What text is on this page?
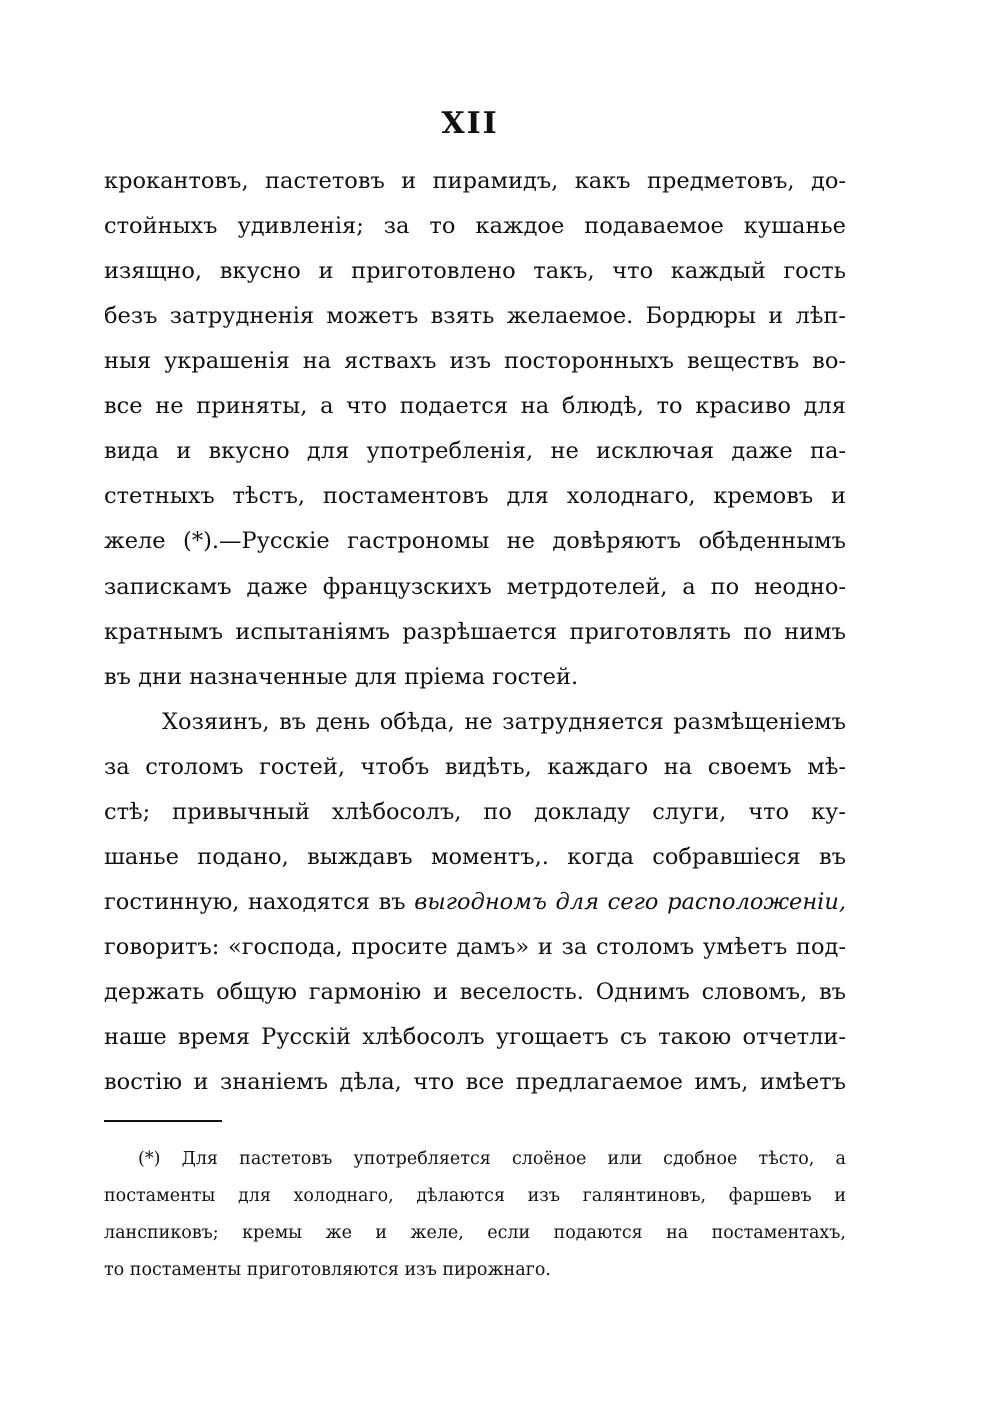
XII
крокантовъ, пастетовъ и пирамидъ, какъ предметовъ, до-
стойныхъ удивленія; за то каждое подаваемое кушанье
изящно, вкусно и приготовлено такъ, что каждый гость
безъ затрудненія можетъ взять желаемое. Бордюры и лѣп-
ныя украшенія на яствахъ изъ посторонныхъ веществъ во-
все не приняты, а что подается на блюдѣ, то красиво для
вида и вкусно для употребленія, не исключая даже па-
стетныхъ тѣстъ, постаментовъ для холоднаго, кремовъ и
желе (*).—Русскіе гастрономы не довѣряютъ обѣденнымъ
запискамъ даже французскихъ метрдотелей, а по неодно-
кратнымъ испытаніямъ разрѣшается приготовлять по нимъ
въ дни назначенные для пріема гостей.
Хозяинъ, въ день обѣда, не затрудняется размѣщеніемъ
за столомъ гостей, чтобъ видѣть, каждаго на своемъ мѣ-
стѣ; привычный хлѣбосолъ, по докладу слуги, что ку-
шанье подано, выждавъ моментъ,. когда собравшіеся въ
гостинную, находятся въ выгодномъ для сего расположеніи,
говоритъ: «господа, просите дамъ» и за столомъ умѣетъ под-
держать общую гармонію и веселость. Однимъ словомъ, въ
наше время Русскій хлѣбосолъ угощаетъ съ такою отчетли-
востію и знаніемъ дѣла, что все предлагаемое имъ, имѣетъ
(*) Для пастетовъ употребляется слоёное или сдобное тѣсто, а
постаменты для холоднаго, дѣлаются изъ галянтиновъ, фаршевъ и
ланспиковъ; кремы же и желе, если подаются на постаментахъ,
то постаменты приготовляются изъ пирожнаго.
